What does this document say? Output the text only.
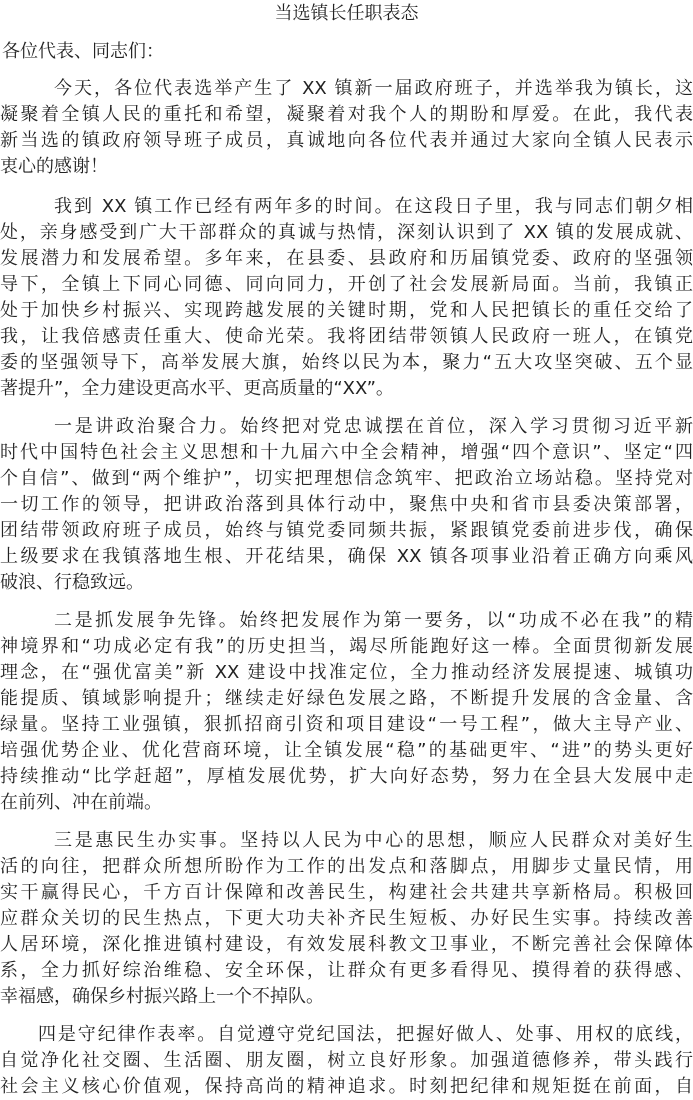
当选镇长任职表态
各位代表、同志们：
今天，各位代表选举产生了 XX 镇新一届政府班子，并选举我为镇长，这
凝聚着全镇人民的重托和希望，凝聚着对我个人的期盼和厚爱。在此，我代表
新当选的镇政府领导班子成员，真诚地向各位代表并通过大家向全镇人民表示
衷心的感谢！
我到 XX 镇工作已经有两年多的时间。在这段日子里，我与同志们朝夕相
处，亲身感受到广大干部群众的真诚与热情，深刻认识到了 XX 镇的发展成就、
发展潜力和发展希望。多年来，在县委、县政府和历届镇党委、政府的坚强领
导下，全镇上下同心同德、同向同力，开创了社会发展新局面。当前，我镇正
处于加快乡村振兴、实现跨越发展的关键时期，党和人民把镇长的重任交给了
我，让我倍感责任重大、使命光荣。我将团结带领镇人民政府一班人，在镇党
委的坚强领导下，高举发展大旗，始终以民为本，聚力“五大攻坚突破、五个显
著提升”，全力建设更高水平、更高质量的“XX”。
一是讲政治聚合力。始终把对党忠诚摆在首位，深入学习贯彻习近平新
时代中国特色社会主义思想和十九届六中全会精神，增强“四个意识”、坚定“四
个自信”、做到“两个维护”，切实把理想信念筑牢、把政治立场站稳。坚持党对
一切工作的领导，把讲政治落到具体行动中，聚焦中央和省市县委决策部署，
团结带领政府班子成员，始终与镇党委同频共振，紧跟镇党委前进步伐，确保
上级要求在我镇落地生根、开花结果，确保 XX 镇各项事业沿着正确方向乘风
破浪、行稳致远。
二是抓发展争先锋。始终把发展作为第一要务，以“功成不必在我”的精
神境界和“功成必定有我”的历史担当，竭尽所能跑好这一棒。全面贯彻新发展
理念，在“强优富美”新 XX 建设中找准定位，全力推动经济发展提速、城镇功
能提质、镇域影响提升；继续走好绿色发展之路，不断提升发展的含金量、含
绿量。坚持工业强镇，狠抓招商引资和项目建设“一号工程”，做大主导产业、
培强优势企业、优化营商环境，让全镇发展“稳”的基础更牢、“进”的势头更好
持续推动“比学赶超”，厚植发展优势，扩大向好态势，努力在全县大发展中走
在前列、冲在前端。
三是惠民生办实事。坚持以人民为中心的思想，顺应人民群众对美好生
活的向往，把群众所想所盼作为工作的出发点和落脚点，用脚步丈量民情，用
实干赢得民心，千方百计保障和改善民生，构建社会共建共享新格局。积极回
应群众关切的民生热点，下更大功夫补齐民生短板、办好民生实事。持续改善
人居环境，深化推进镇村建设，有效发展科教文卫事业，不断完善社会保障体
系，全力抓好综治维稳、安全环保，让群众有更多看得见、摸得着的获得感、
幸福感，确保乡村振兴路上一个不掉队。
四是守纪律作表率。自觉遵守党纪国法，把握好做人、处事、用权的底线，
自觉净化社交圈、生活圈、朋友圈，树立良好形象。加强道德修养，带头践行
社会主义核心价值观，保持高尚的精神追求。时刻把纪律和规矩挺在前面，自
